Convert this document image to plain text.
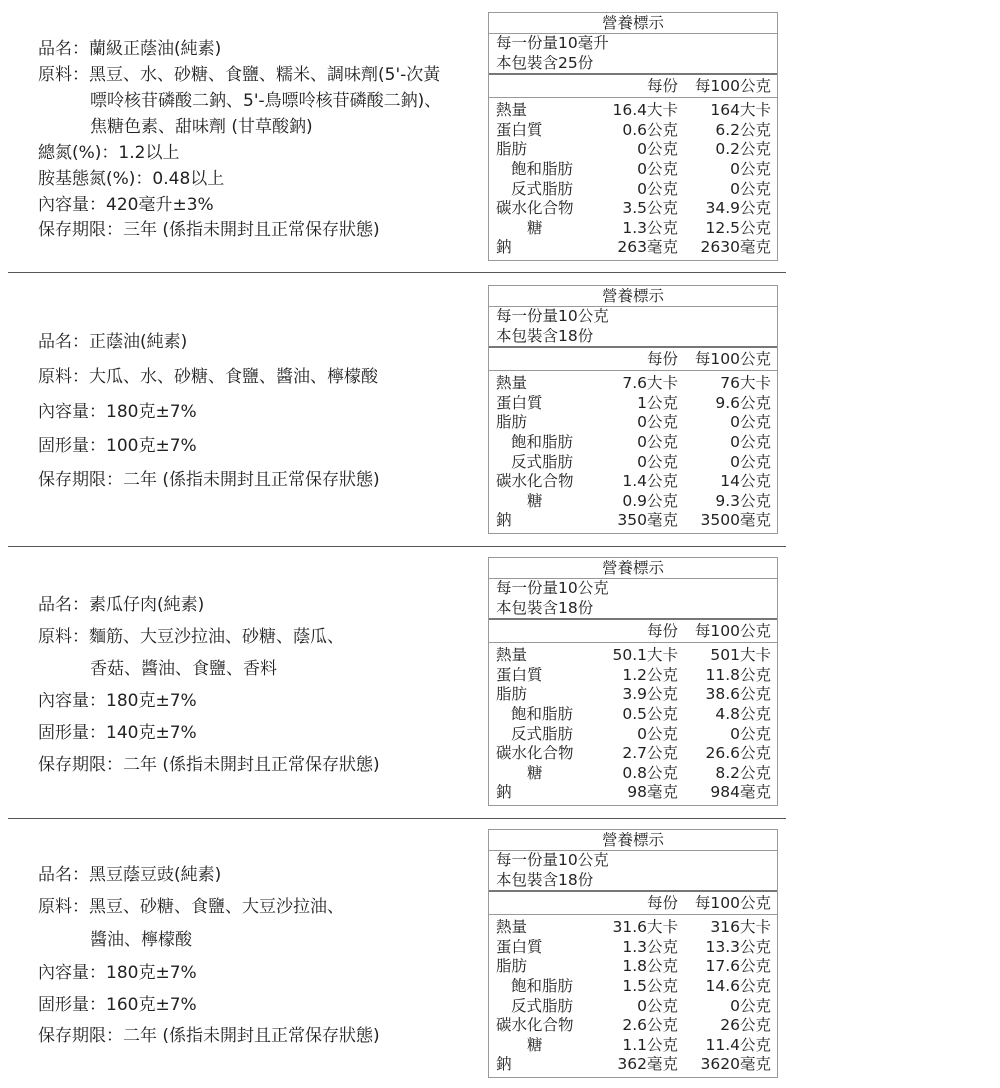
品名：蘭級正蔭油(純素)
原料：黑豆、水、砂糖、食鹽、糯米、調味劑(5'-次黃
嘌呤核苷磷酸二鈉、5'-鳥嘌呤核苷磷酸二鈉)、
焦糖色素、甜味劑 (甘草酸鈉)
總氮(%)：1.2以上
胺基態氮(%)：0.48以上
內容量：420毫升±3%
保存期限：三年 (係指未開封且正常保存狀態)
營養標示
每一份量10毫升
本包裝含25份
每份 每100公克
熱量	16.4大卡 164大卡
蛋白質	0.6公克 6.2公克
脂肪	0公克 0.2公克
飽和脂肪	0公克	0公克
反式脂肪	0公克	0公克
碳水化合物	3.5公克 34.9公克
糖	1.3公克 12.5公克
鈉	263毫克 2630毫克
品名：正蔭油(純素)
原料：大瓜、水、砂糖、食鹽、醬油、檸檬酸
內容量：180克±7%
固形量：100克±7%
保存期限：二年 (係指未開封且正常保存狀態)
營養標示
每一份量10公克
本包裝含18份
每份 每100公克
熱量	7.6大卡	76大卡
蛋白質	1公克 9.6公克
脂肪	0公克	0公克
飽和脂肪	0公克	0公克
反式脂肪	0公克	0公克
碳水化合物	1.4公克	14公克
糖	0.9公克 9.3公克
鈉	350毫克 3500毫克
品名：素瓜仔肉(純素)
原料：麵筋、大豆沙拉油、砂糖、蔭瓜、
香菇、醬油、食鹽、香料
內容量：180克±7%
固形量：140克±7%
保存期限：二年 (係指未開封且正常保存狀態)
營養標示
每一份量10公克
本包裝含18份
每份 每100公克
熱量	50.1大卡 501大卡
蛋白質	1.2公克 11.8公克
脂肪	3.9公克 38.6公克
飽和脂肪	0.5公克 4.8公克
反式脂肪	0公克	0公克
碳水化合物	2.7公克 26.6公克
糖	0.8公克 8.2公克
鈉	98毫克 984毫克
品名：黑豆蔭豆豉(純素)
原料：黑豆、砂糖、食鹽、大豆沙拉油、
醬油、檸檬酸
內容量：180克±7%
固形量：160克±7%
保存期限：二年 (係指未開封且正常保存狀態)
營養標示
每一份量10公克
本包裝含18份
每份 每100公克
熱量	31.6大卡 316大卡
蛋白質	1.3公克 13.3公克
脂肪	1.8公克 17.6公克
飽和脂肪	1.5公克 14.6公克
反式脂肪	0公克	0公克
碳水化合物	2.6公克	26公克
糖	1.1公克 11.4公克
鈉	362毫克 3620毫克
